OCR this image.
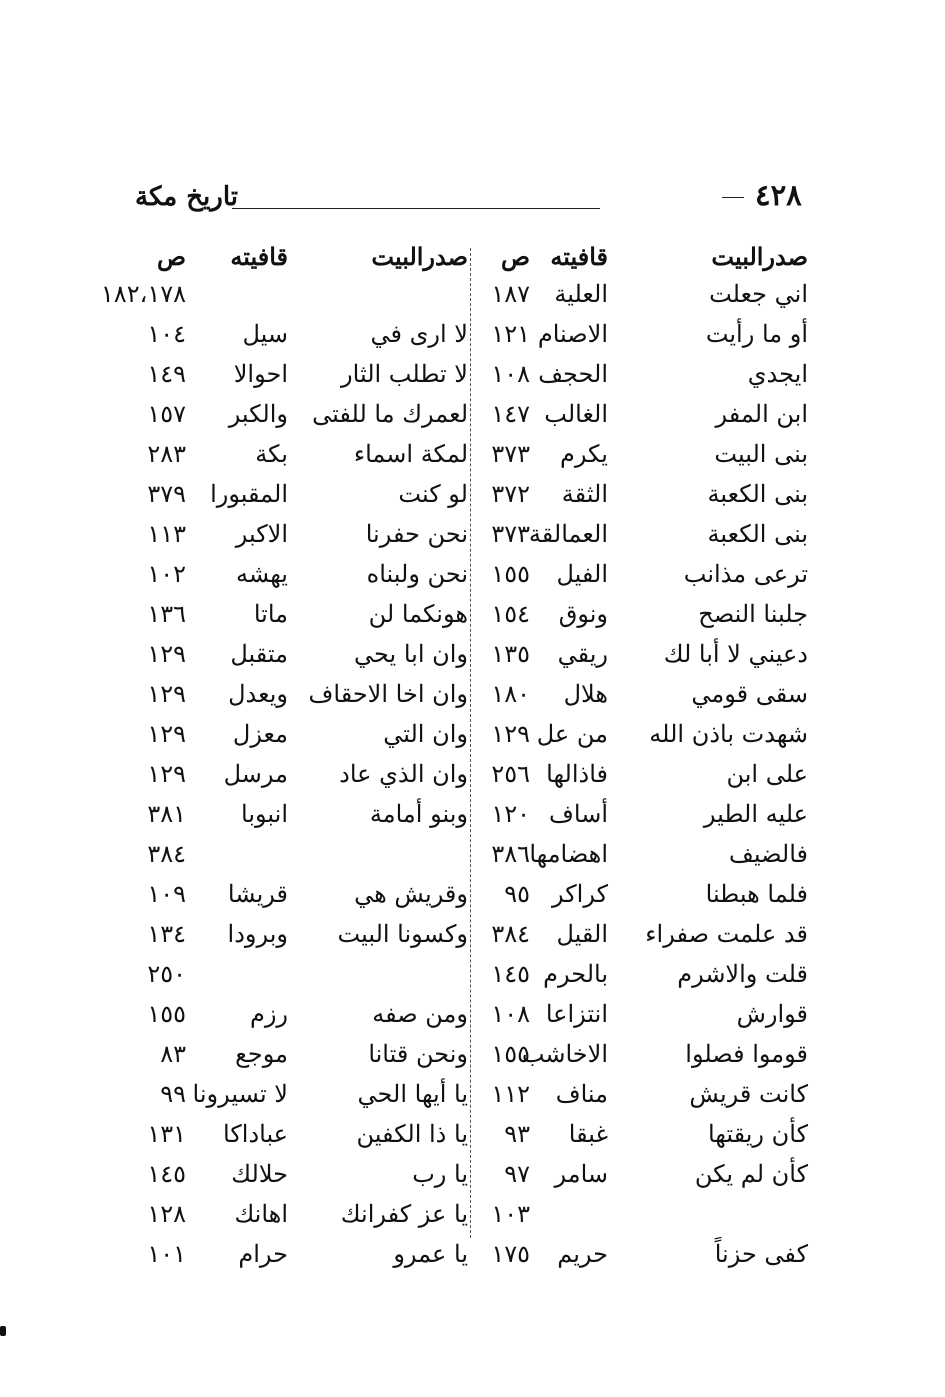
٤٢٨
تاريخ مكة
صدرالبيت
قافيته
ص
اني جعلت
العلية
١٨٧
أو ما رأيت
الاصنام
١٢١
ايجدي
الحجف
١٠٨
ابن المفر
الغالب
١٤٧
بنى البيت
يكرم
٣٧٣
بنى الكعبة
الثقة
٣٧٢
بنى الكعبة
العمالقة
٣٧٣
ترعى مذانب
الفيل
١٥٥
جلبنا النصح
ونوق
١٥٤
دعيني لا أبا لك
ريقي
١٣٥
سقى قومي
هلال
١٨٠
شهدت باذن الله
من عل
١٢٩
على ابن
فاذالها
٢٥٦
عليه الطير
أساف
١٢٠
فالضيف
اهضامها
٣٨٦
فلما هبطنا
كراكر
٩٥
قد علمت صفراء
القيل
٣٨٤
قلت والاشرم
بالحرم
١٤٥
قوارش
انتزاعا
١٠٨
قوموا فصلوا
الاخاشب
١٥٥
كانت قريش
مناف
١١٢
كأن ريقتها
غبقا
٩٣
كأن لم يكن
سامر
٩٧
١٠٣
كفى حزناً
حريم
١٧٥
صدرالبيت
قافيته
ص
١٨٢،١٧٨
لا ارى في
سيل
١٠٤
لا تطلب الثار
احوالا
١٤٩
لعمرك ما للفتى
والكبر
١٥٧
لمكة اسماء
بكة
٢٨٣
لو كنت
المقبورا
٣٧٩
نحن حفرنا
الاكبر
١١٣
نحن ولبناه
يهشه
١٠٢
هونكما لن
ماتا
١٣٦
وان ابا يحي
متقبل
١٢٩
وان اخا الاحقاف
ويعدل
١٢٩
وان التي
معزل
١٢٩
وان الذي عاد
مرسل
١٢٩
وبنو أمامة
انبوبا
٣٨١
٣٨٤
وقريش هي
قريشا
١٠٩
وكسونا البيت
وبرودا
١٣٤
٢٥٠
ومن صفه
رزم
١٥٥
ونحن قتانا
موجع
٨٣
يا أيها الحي
لا تسيرونا
٩٩
يا ذا الكفين
عباداكا
١٣١
يا رب
حلالك
١٤٥
يا عز كفرانك
اهانك
١٢٨
يا عمرو
حرام
١٠١
